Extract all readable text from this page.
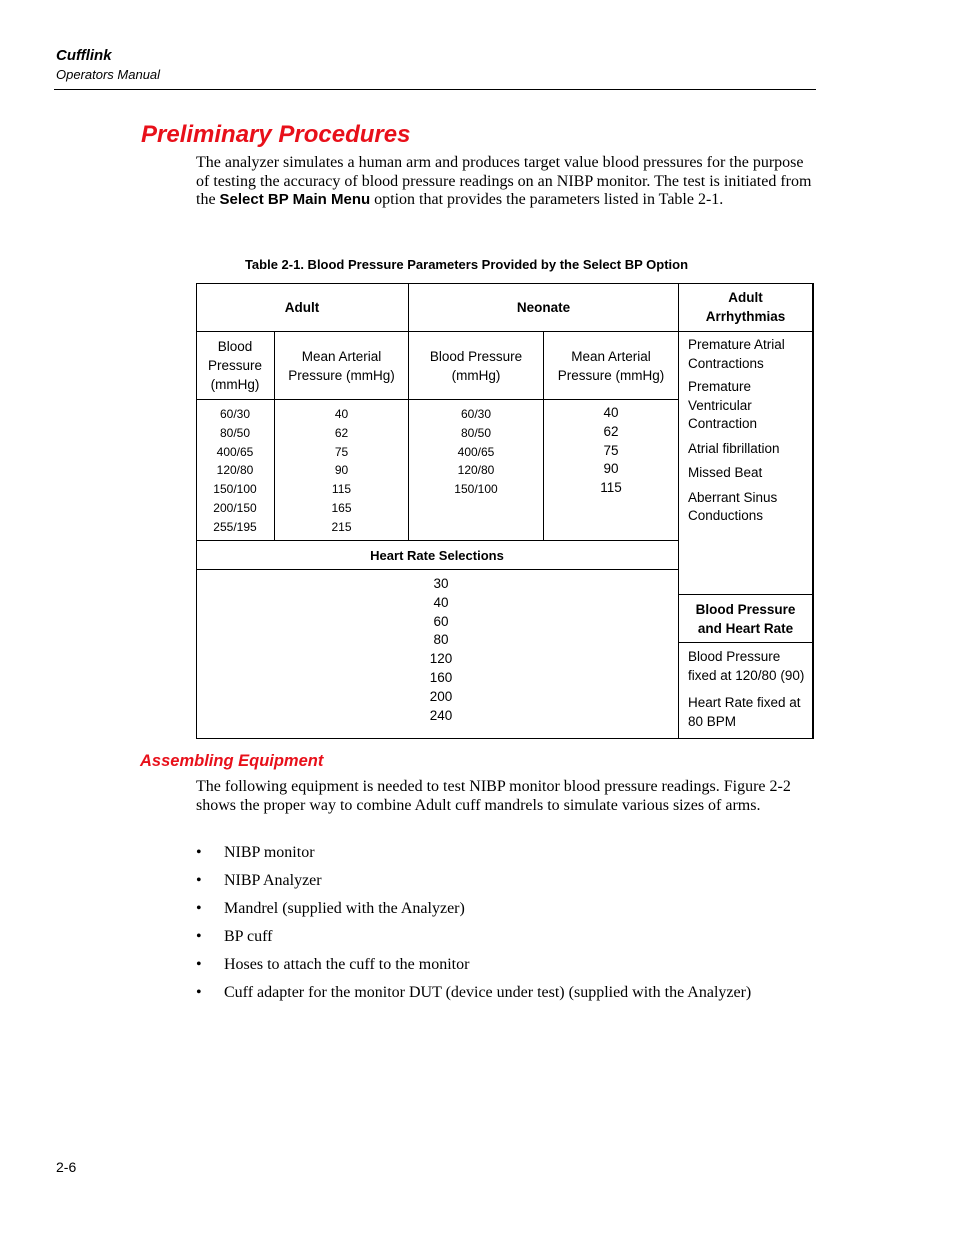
Cufflink
Operators Manual
Preliminary Procedures

The analyzer simulates a human arm and produces target value blood pressures for the purpose of testing the accuracy of blood pressure readings on an NIBP monitor. The test is initiated from the Select BP Main Menu option that provides the parameters listed in Table 2-1.

Table 2-1. Blood Pressure Parameters Provided by the Select BP Option
Adult	Neonate
Adult
Arrhythmias
Blood
Pressure
(mmHg)
Mean Arterial
Pressure (mmHg)
Blood Pressure
(mmHg)
Mean Arterial
Pressure (mmHg)
60/30
80/50
400/65
120/80
150/100
200/150
255/195
40
62
75
90
115
165
215
60/30
80/50
400/65
120/80
150/100
40
62
75
90
115
Premature Atrial
Contractions
Premature
Ventricular
Contraction
Atrial fibrillation
Missed Beat
Aberrant Sinus
Conductions
Heart Rate Selections
30
40
60
80
120
160
200
240
Blood Pressure
and Heart Rate
Blood Pressure
fixed at 120/80 (90)
Heart Rate fixed at
80 BPM
Assembling Equipment

The following equipment is needed to test NIBP monitor blood pressure readings. Figure 2-2 shows the proper way to combine Adult cuff mandrels to simulate various sizes of arms.

• NIBP monitor
• NIBP Analyzer
• Mandrel (supplied with the Analyzer)
• BP cuff
• Hoses to attach the cuff to the monitor
• Cuff adapter for the monitor DUT (device under test) (supplied with the Analyzer)
2-6
